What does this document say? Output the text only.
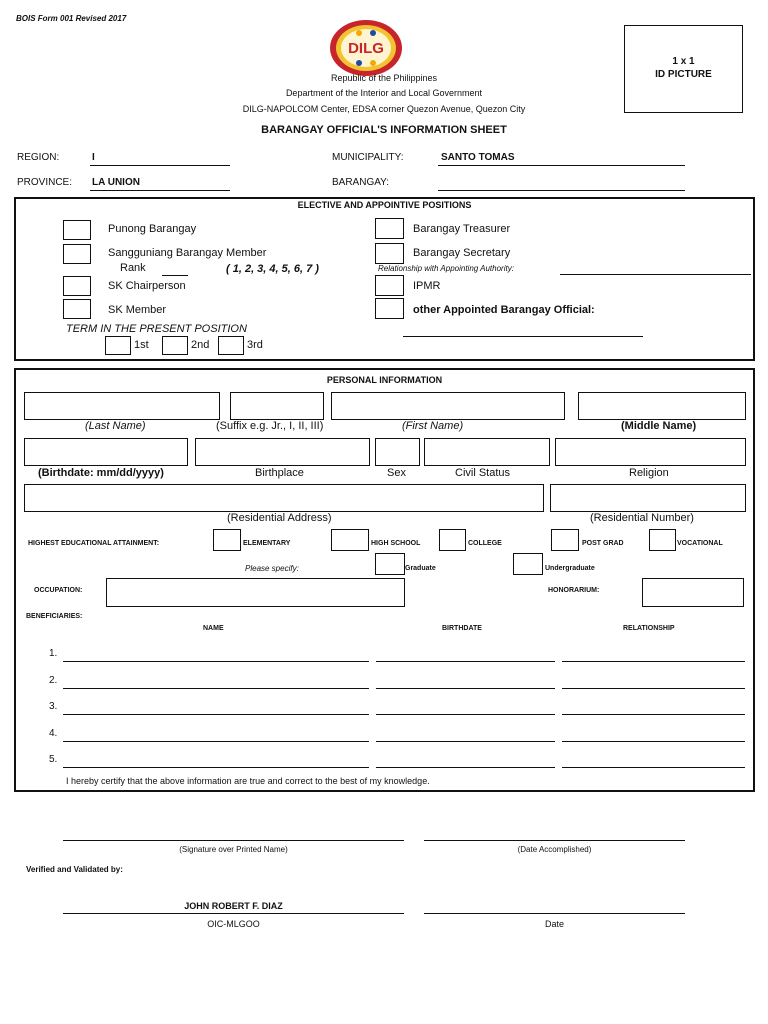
BOIS Form 001 Revised 2017
DILG
1 x 1
ID PICTURE
Republic of the Philippines
Department of the Interior and Local Government
DILG-NAPOLCOM Center, EDSA corner Quezon Avenue, Quezon City
BARANGAY OFFICIAL'S INFORMATION SHEET
REGION:	I
PROVINCE: LA UNION
MUNICIPALITY:	SANTO TOMAS
BARANGAY:
ELECTIVE AND APPOINTIVE POSITIONS
Punong Barangay
Sangguniang Barangay Member
Rank	( 1, 2, 3, 4, 5, 6, 7 )
SK Chairperson
SK Member
TERM IN THE PRESENT POSITION
1st	2nd	3rd
Barangay Treasurer
Barangay Secretary
Relationship with Appointing Authority:
IPMR
other Appointed Barangay Official:
PERSONAL INFORMATION
(Last Name)	(Suffix e.g. Jr., I, II, III)	(First Name)	(Middle Name)
(Birthdate: mm/dd/yyyy)	Birthplace	Sex	Civil Status	Religion
(Residential Address)	(Residential Number)
HIGHEST EDUCATIONAL ATTAINMENT:	ELEMENTARY	HIGH SCHOOL	COLLEGE	POST GRAD	VOCATIONAL
Please specify:	Graduate	Undergraduate
OCCUPATION:	HONORARIUM:
BENEFICIARIES:
NAME	BIRTHDATE	RELATIONSHIP
1.
2.
3.
4.
5.
I hereby certify that the above information are true and correct to the best of my knowledge.
(Signature over Printed Name)	(Date Accomplished)
Verified and Validated by:
JOHN ROBERT F. DIAZ
OIC-MLGOO	Date
